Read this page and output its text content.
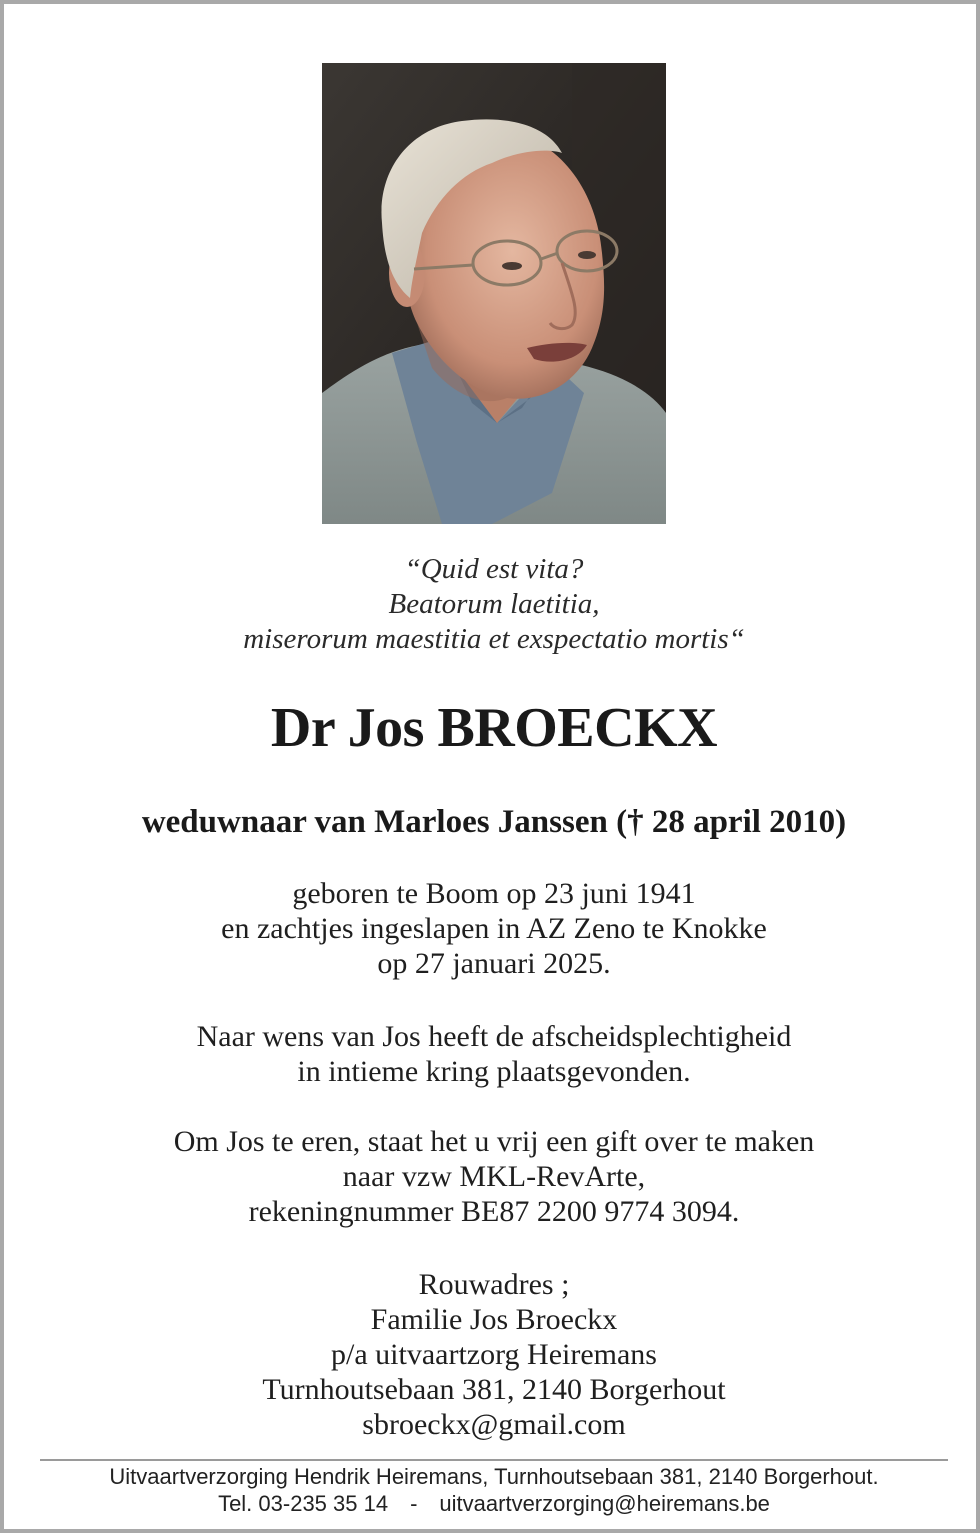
“Quid est vita?
Beatorum laetitia,
miserorum maestitia et exspectatio mortis“
Dr Jos BROECKX
weduwnaar van Marloes Janssen († 28 april 2010)
geboren te Boom op 23 juni 1941
en zachtjes ingeslapen in AZ Zeno te Knokke
op 27 januari 2025.
Naar wens van Jos heeft de afscheidsplechtigheid
in intieme kring plaatsgevonden.
Om Jos te eren, staat het u vrij een gift over te maken
naar vzw MKL-RevArte,
rekeningnummer BE87 2200 9774 3094.
Rouwadres ;
Familie Jos Broeckx
p/a uitvaartzorg Heiremans
Turnhoutsebaan 381, 2140 Borgerhout
sbroeckx@gmail.com
Uitvaartverzorging Hendrik Heiremans, Turnhoutsebaan 381, 2140 Borgerhout.
Tel. 03-235 35 14 - uitvaartverzorging@heiremans.be
